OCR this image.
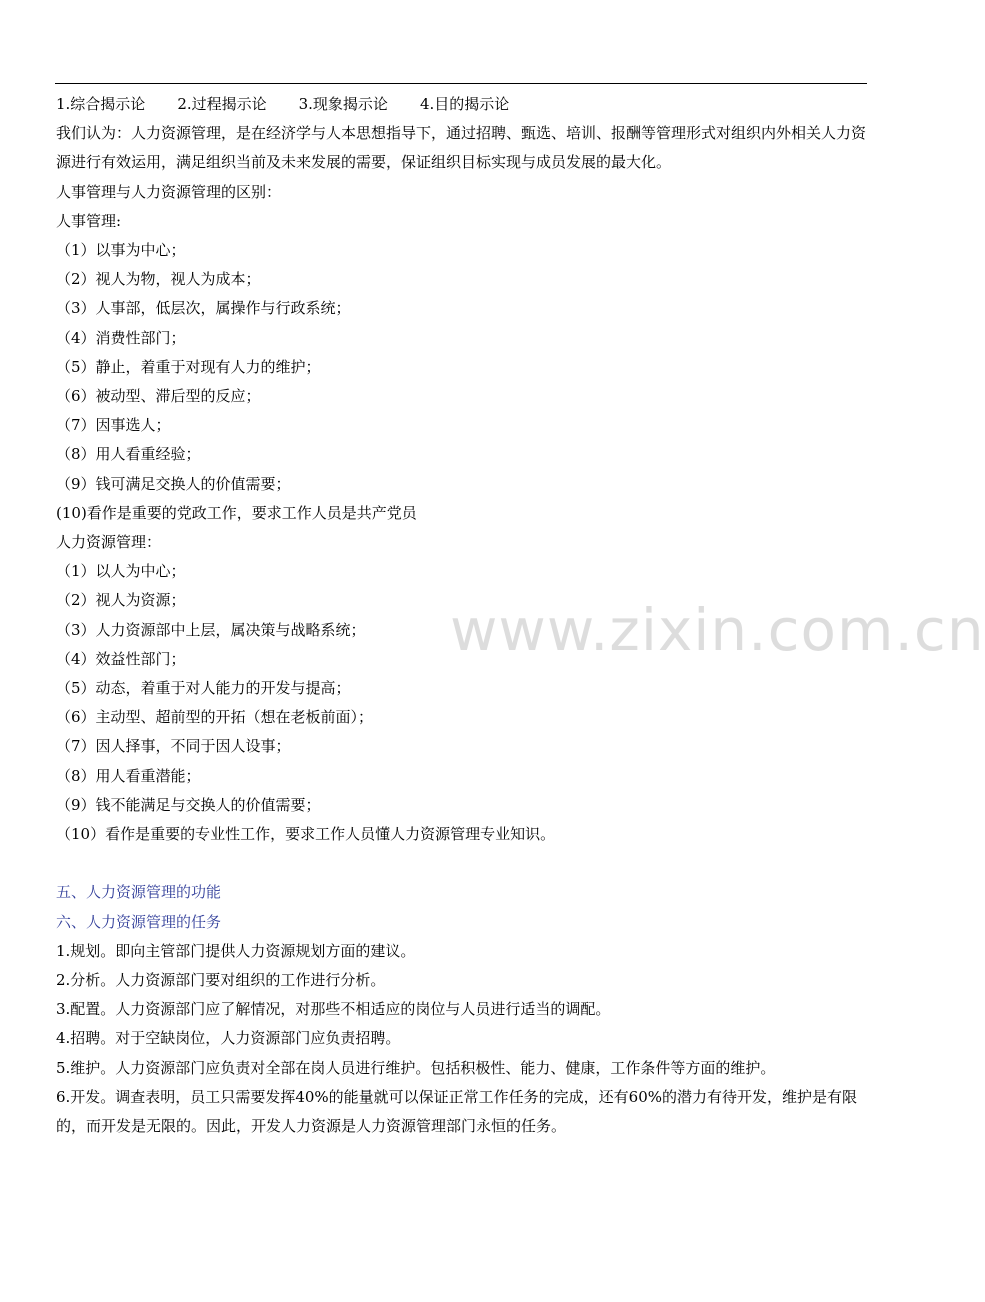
www.zixin.com.cn
1.综合揭示论 2.过程揭示论 3.现象揭示论 4.目的揭示论
我们认为：人力资源管理，是在经济学与人本思想指导下，通过招聘、甄选、培训、报酬等管理形式对组织内外相关人力资源进行有效运用，满足组织当前及未来发展的需要，保证组织目标实现与成员发展的最大化。
人事管理与人力资源管理的区别：
人事管理:
（1）以事为中心；
（2）视人为物，视人为成本；
（3）人事部，低层次，属操作与行政系统；
（4）消费性部门；
（5）静止，着重于对现有人力的维护；
（6）被动型、滞后型的反应；
（7）因事选人；
（8）用人看重经验；
（9）钱可满足交换人的价值需要；
(10)看作是重要的党政工作，要求工作人员是共产党员
人力资源管理：
（1）以人为中心；
（2）视人为资源；
（3）人力资源部中上层，属决策与战略系统；
（4）效益性部门；
（5）动态，着重于对人能力的开发与提高；
（6）主动型、超前型的开拓（想在老板前面）；
（7）因人择事，不同于因人设事；
（8）用人看重潜能；
（9）钱不能满足与交换人的价值需要；
（10）看作是重要的专业性工作，要求工作人员懂人力资源管理专业知识。
五、人力资源管理的功能
六、人力资源管理的任务
1.规划。即向主管部门提供人力资源规划方面的建议。
2.分析。人力资源部门要对组织的工作进行分析。
3.配置。人力资源部门应了解情况，对那些不相适应的岗位与人员进行适当的调配。
4.招聘。对于空缺岗位，人力资源部门应负责招聘。
5.维护。人力资源部门应负责对全部在岗人员进行维护。包括积极性、能力、健康，工作条件等方面的维护。
6.开发。调查表明，员工只需要发挥40%的能量就可以保证正常工作任务的完成，还有60%的潜力有待开发，维护是有限的，而开发是无限的。因此，开发人力资源是人力资源管理部门永恒的任务。
